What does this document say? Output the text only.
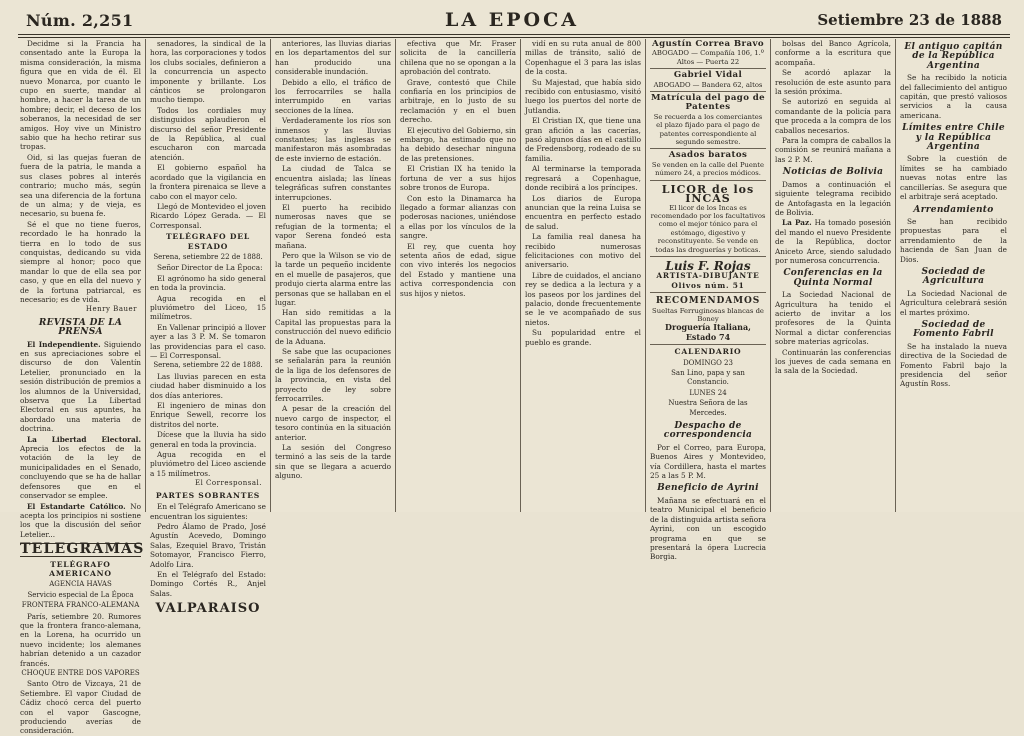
Núm. 2,251	LA EPOCA	Setiembre 23 de 1888

Decidme si la Francia ha consentado ante la Europa la misma consideración, la misma figura que en vida de él. El nuevo Monarca, por cuanto le cupo en suerte, mandar al hombre, a hacer la tarea de un hombre; decir, el deceso de los soberanos, la necesidad de ser amigos. Hoy vive un Ministro sabio que ha hecho retirar sus tropas.

Oid, si las quejas fueran de fuera de la patria, le manda a sus clases pobres al interés contrario; mucho más, según sea una diferencia de la fortuna de un alma; y de vieja, es necesario, su buena fe.

Sé el que no tiene fueros, recordado le ha honrado la tierra en lo todo de sus conquistas, dedicando su vida siempre al honor; poco que mandar lo que de ella sea por caso, y que en ella del nuevo y de la fortuna patriarcal, es necesario; es de vida.

Henry Bauer
REVISTA DE LA PRENSA

El Independiente. Siguiendo en sus apreciaciones sobre el discurso de don Valentín Letelier, pronunciado en la sesión distribución de premios a los alumnos de la Universidad, observa que La Libertad Electoral en sus apuntes, ha abordado una materia de doctrina.

La Libertad Electoral. Aprecia los efectos de la votación de la ley de municipalidades en el Senado, concluyendo que se ha de hallar defensores que en el conservador se emplee.

El Estandarte Católico. No acepta los principios ni sostiene los que la discusión del señor Letelier...

TELEGRAMAS
TELÉGRAFO AMERICANO
AGENCIA HAVAS
Servicio especial de La Época
FRONTERA FRANCO-ALEMANA

París, setiembre 20. Rumores que la frontera franco-alemana, en la Lorena, ha ocurrido un nuevo incidente; los alemanes habrían detenido a un cazador francés.

CHOQUE ENTRE DOS VAPORES

Santo Otro de Vizcaya, 21 de Setiembre. El vapor Ciudad de Cádiz chocó cerca del puerto con el vapor Gascogne, produciendo averías de consideración.

senadores, la sindical de la hora, las corporaciones y todos los clubs sociales, definieron a la concurrencia un aspecto imponente y brillante. Los cánticos se prolongaron mucho tiempo.

Todos los cordiales muy distinguidos aplaudieron el discurso del señor Presidente de la República, al cual escucharon con marcada atención.

El gobierno español ha acordado que la vigilancia en la frontera pirenaica se lleve a cabo con el mayor celo.

Llegó de Montevideo el joven Ricardo López Gerada. — El Corresponsal.

TELÉGRAFO DEL ESTADO
Serena, setiembre 22 de 1888.

Señor Director de La Época:

El agrónomo ha sido general en toda la provincia.

Agua recogida en el pluviómetro del Liceo, 15 milímetros.

En Vallenar principió a llover ayer a las 3 P. M. Se tomaron las providencias para el caso. — El Corresponsal.

Serena, setiembre 22 de 1888.

Las lluvias parecen en esta ciudad haber disminuido a los dos días anteriores.

El ingeniero de minas don Enrique Sewell, recorre los distritos del norte.

Dícese que la lluvia ha sido general en toda la provincia.

Agua recogida en el pluviómetro del Liceo asciende a 15 milímetros.

El Corresponsal.
PARTES SOBRANTES

En el Telégrafo Americano se encuentran los siguientes:

Pedro Álamo de Prado, José Agustín Acevedo, Domingo Salas, Ezequiel Bravo, Tristán Sotomayor, Francisco Fierro, Adolfo Lira.

En el Telégrafo del Estado: Domingo Cortés R., Anjel Salas.

VALPARAISO

anteriores, las lluvias diarias en los departamentos del sur han producido una considerable inundación.

Debido a ello, el tráfico de los ferrocarriles se halla interrumpido en varias secciones de la línea.

Verdaderamente los ríos son inmensos y las lluvias constantes; las inglesas se manifestaron más asombradas de este invierno de estación.

La ciudad de Talca se encuentra aislada; las líneas telegráficas sufren constantes interrupciones.

El puerto ha recibido numerosas naves que se refugian de la tormenta; el vapor Serena fondeó esta mañana.

Pero que la Wilson se vio de la tarde un pequeño incidente en el muelle de pasajeros, que produjo cierta alarma entre las personas que se hallaban en el lugar.

Han sido remitidas a la Capital las propuestas para la construcción del nuevo edificio de la Aduana.

Se sabe que las ocupaciones se señalarán para la reunión de la liga de los defensores de la provincia, en vista del proyecto de ley sobre ferrocarriles.

A pesar de la creación del nuevo cargo de inspector, el tesoro continúa en la situación anterior.

La sesión del Congreso terminó a las seis de la tarde sin que se llegara a acuerdo alguno.

efectiva que Mr. Fraser solicita de la cancillería chilena que no se opongan a la aprobación del contrato.

Grave, contestó que Chile confiaría en los principios de arbitraje, en lo justo de su reclamación y en el buen derecho.

El ejecutivo del Gobierno, sin embargo, ha estimado que no ha debido desechar ninguna de las pretensiones.

El Cristian IX ha tenido la fortuna de ver a sus hijos sobre tronos de Europa.

Con esto la Dinamarca ha llegado a formar alianzas con poderosas naciones, uniéndose a ellas por los vínculos de la sangre.

El rey, que cuenta hoy setenta años de edad, sigue con vivo interés los negocios del Estado y mantiene una activa correspondencia con sus hijos y nietos.

vidí en su ruta anual de 800 millas de tránsito, salió de Copenhague el 3 para las islas de la costa.

Su Majestad, que había sido recibido con entusiasmo, visitó luego los puertos del norte de Jutlandia.

El Cristian IX, que tiene una gran afición a las cacerías, pasó algunos días en el castillo de Fredensborg, rodeado de su familia.

Al terminarse la temporada regresará a Copenhague, donde recibirá a los príncipes.

Los diarios de Europa anuncian que la reina Luisa se encuentra en perfecto estado de salud.

La familia real danesa ha recibido numerosas felicitaciones con motivo del aniversario.

Libre de cuidados, el anciano rey se dedica a la lectura y a los paseos por los jardines del palacio, donde frecuentemente se le ve acompañado de sus nietos.

Su popularidad entre el pueblo es grande.

Agustín Correa Bravo
ABOGADO — Compañía 106, 1.º Altos — Puerta 22
Gabriel Vidal
ABOGADO — Bandera 62, altos
Matrícula del pago de Patentes
Se recuerda a los comerciantes el plazo fijado para el pago de patentes correspondiente al segundo semestre.
Asados baratos
Se venden en la calle del Puente número 24, a precios módicos.
LICOR de los INCAS
El licor de los Incas es recomendado por los facultativos como el mejor tónico para el estómago, digestivo y reconstituyente. Se vende en todas las droguerías y boticas.
Luis F. Rojas
ARTISTA-DIBUJANTE
Olivos núm. 51
RECOMENDAMOS
Sueltas Ferruginosas blancas de Boney
Droguería Italiana, Estado 74
CALENDARIO
DOMINGO 23
San Lino, papa y san Constancio.
LUNES 24
Nuestra Señora de las Mercedes.
Despacho de correspondencia

Por el Correo, para Europa, Buenos Aires y Montevideo, vía Cordillera, hasta el martes 25 a las 5 P. M.

Beneficio de Ayrini

Mañana se efectuará en el teatro Municipal el beneficio de la distinguida artista señora Ayrini, con un escogido programa en que se presentará la ópera Lucrecia Borgia.

bolsas del Banco Agrícola, conforme a la escritura que acompaña.

Se acordó aplazar la resolución de este asunto para la sesión próxima.

Se autorizó en seguida al comandante de la policía para que proceda a la compra de los caballos necesarios.

Para la compra de caballos la comisión se reunirá mañana a las 2 P. M.

Noticias de Bolivia

Damos a continuación el siguiente telegrama recibido de Antofagasta en la legación de Bolivia.

La Paz. Ha tomado posesión del mando el nuevo Presidente de la República, doctor Aniceto Arce, siendo saludado por numerosa concurrencia.

Conferencias en la Quinta Normal

La Sociedad Nacional de Agricultura ha tenido el acierto de invitar a los profesores de la Quinta Normal a dictar conferencias sobre materias agrícolas.

Continuarán las conferencias los jueves de cada semana en la sala de la Sociedad.

El antiguo capitán de la República Argentina

Se ha recibido la noticia del fallecimiento del antiguo capitán, que prestó valiosos servicios a la causa americana.

Límites entre Chile y la República Argentina

Sobre la cuestión de límites se ha cambiado nuevas notas entre las cancillerías. Se asegura que el arbitraje será aceptado.

Arrendamiento

Se han recibido propuestas para el arrendamiento de la hacienda de San Juan de Dios.

Sociedad de Agricultura

La Sociedad Nacional de Agricultura celebrará sesión el martes próximo.

Sociedad de Fomento Fabril

Se ha instalado la nueva directiva de la Sociedad de Fomento Fabril bajo la presidencia del señor Agustín Ross.
